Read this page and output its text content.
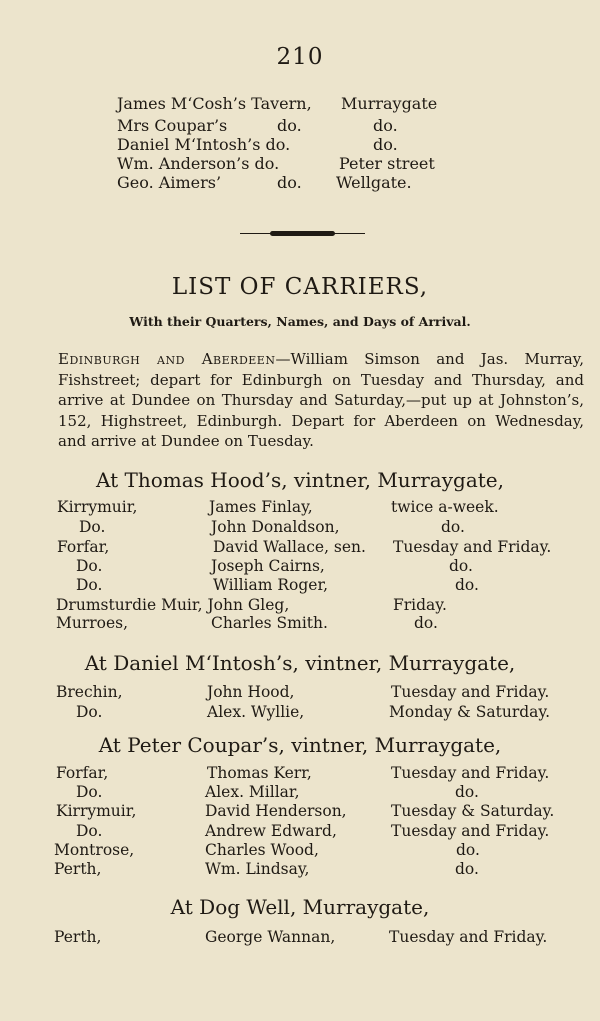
210
James M‘Cosh’s Tavern, Murraygate
Mrs Coupar’s	do.	do.
Daniel M‘Intosh’s do.	do.
Wm. Anderson’s do.	Peter street
Geo. Aimers’	do. Wellgate.
LIST OF CARRIERS,
With their Quarters, Names, and Days of Arrival.

Edinburgh and Aberdeen—William Simson and Jas. Murray, Fishstreet; depart for Edinburgh on Tuesday and Thursday, and arrive at Dundee on Thursday and Saturday,—put up at Johnston’s, 152, Highstreet, Edinburgh. Depart for Aberdeen on Wednesday, and arrive at Dundee on Tuesday.

At Thomas Hood’s, vintner, Murraygate,
Kirrymuir,	James Finlay,	twice a-week.
Do.	John Donaldson,	do.
Forfar,	David Wallace, sen. Tuesday and Friday.
Do.	Joseph Cairns,	do.
Do.	William Roger,	do.
Drumsturdie Muir, John Gleg,	Friday.
Murroes,	Charles Smith.	do.
At Daniel M‘Intosh’s, vintner, Murraygate,
Brechin,	John Hood,	Tuesday and Friday.
Do.	Alex. Wyllie,	Monday & Saturday.
At Peter Coupar’s, vintner, Murraygate,
Forfar,	Thomas Kerr,	Tuesday and Friday.
Do.	Alex. Millar,	do.
Kirrymuir,	David Henderson,	Tuesday & Saturday.
Do.	Andrew Edward,	Tuesday and Friday.
Montrose,	Charles Wood,	do.
Perth,	Wm. Lindsay,	do.
At Dog Well, Murraygate,
Perth,	George Wannan,	Tuesday and Friday.
